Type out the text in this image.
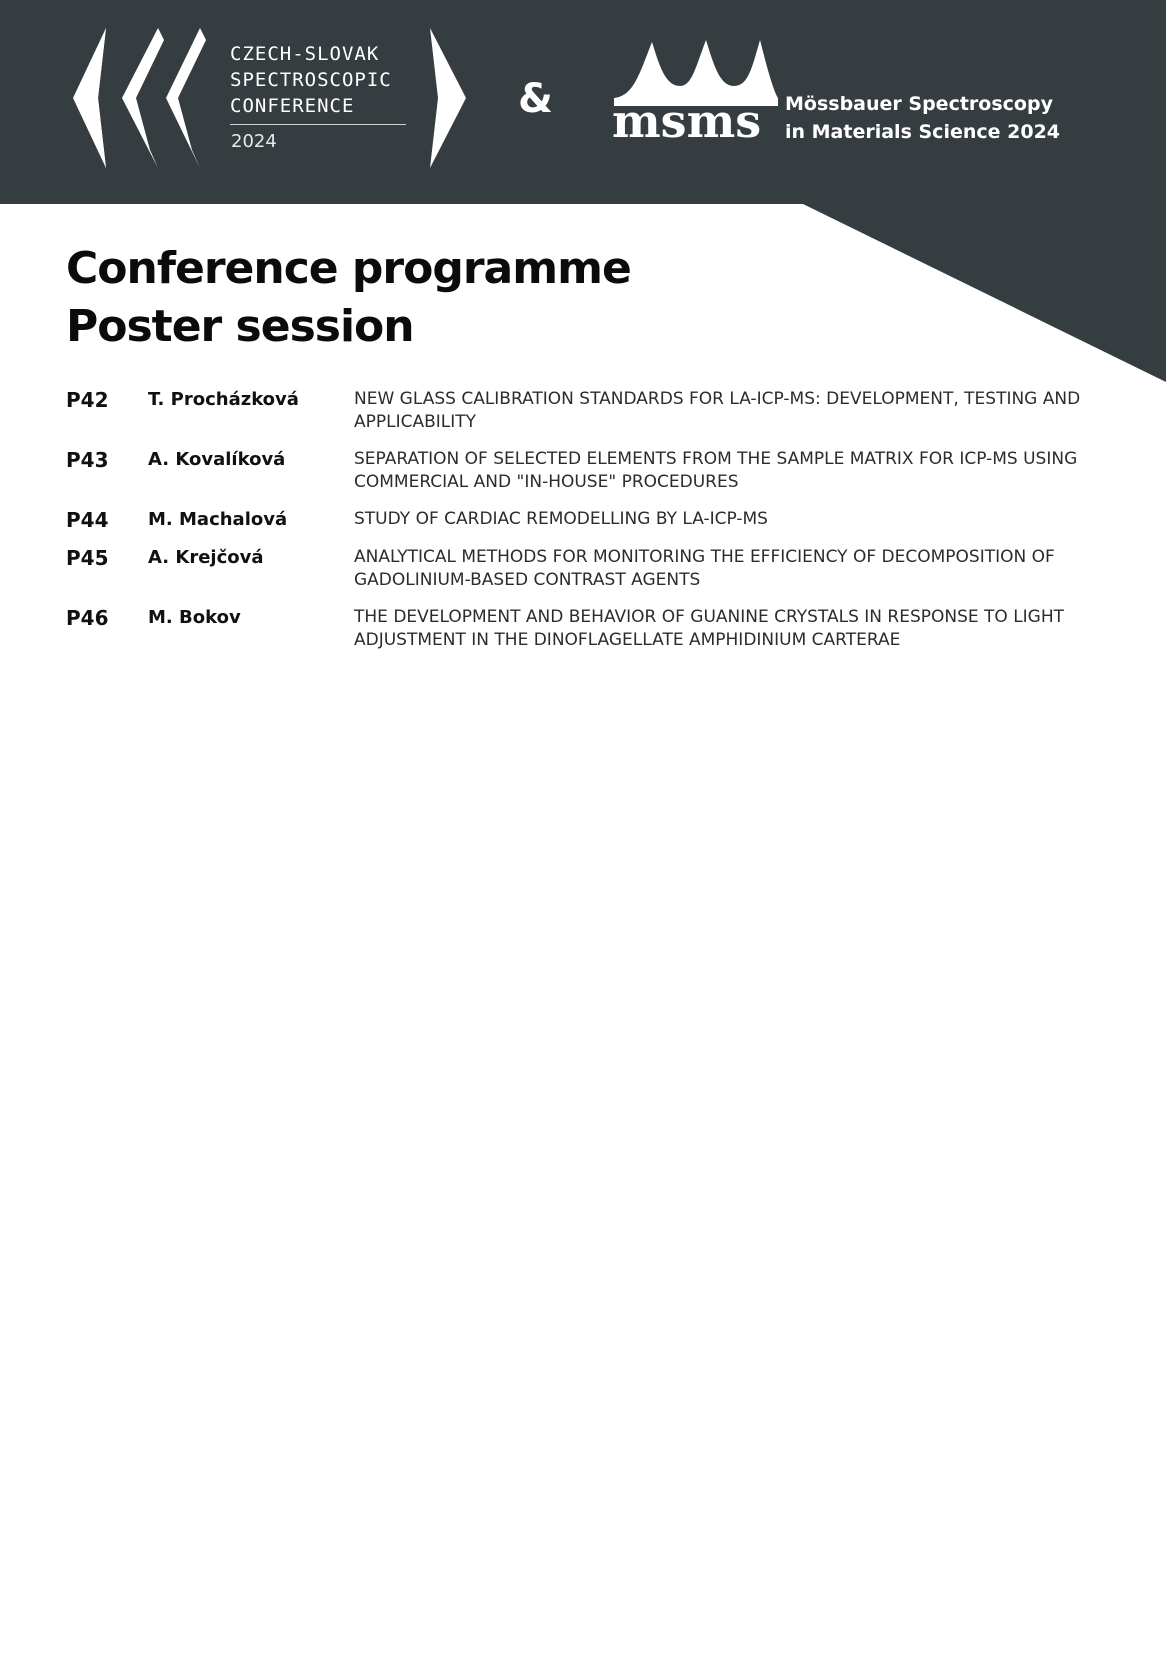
CZECH-SLOVAK
SPECTROSCOPIC
CONFERENCE
2024
& msms Mössbauer Spectroscopy
in Materials Science 2024
Conference programme
Poster session
P42	T. Procházková	NEW GLASS CALIBRATION STANDARDS FOR LA-ICP-MS: DEVELOPMENT, TESTING AND APPLICABILITY
P43	A. Kovalíková	SEPARATION OF SELECTED ELEMENTS FROM THE SAMPLE MATRIX FOR ICP-MS USING COMMERCIAL AND "IN-HOUSE" PROCEDURES
P44	M. Machalová	STUDY OF CARDIAC REMODELLING BY LA-ICP-MS
P45	A. Krejčová	ANALYTICAL METHODS FOR MONITORING THE EFFICIENCY OF DECOMPOSITION OF GADOLINIUM-BASED CONTRAST AGENTS
P46	M. Bokov	THE DEVELOPMENT AND BEHAVIOR OF GUANINE CRYSTALS IN RESPONSE TO LIGHT ADJUSTMENT IN THE DINOFLAGELLATE AMPHIDINIUM CARTERAE
